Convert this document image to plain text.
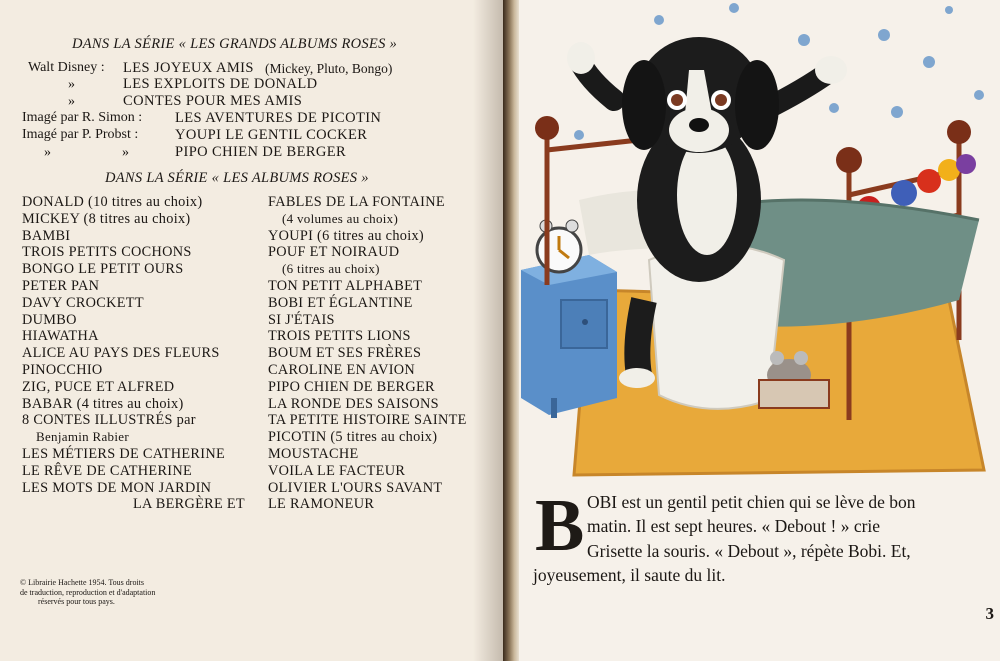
DANS LA SÉRIE « LES GRANDS ALBUMS ROSES »
Walt Disney : LES JOYEUX AMIS (Mickey, Pluto, Bongo)
»	LES EXPLOITS DE DONALD
»	CONTES POUR MES AMIS
Imagé par R. Simon : LES AVENTURES DE PICOTIN
Imagé par P. Probst :	YOUPI LE GENTIL COCKER
»	»	PIPO CHIEN DE BERGER
DANS LA SÉRIE « LES ALBUMS ROSES »
DONALD (10 titres au choix)
MICKEY (8 titres au choix)
BAMBI
TROIS PETITS COCHONS
BONGO LE PETIT OURS
PETER PAN
DAVY CROCKETT
DUMBO
HIAWATHA
ALICE AU PAYS DES FLEURS
PINOCCHIO
ZIG, PUCE ET ALFRED
BABAR (4 titres au choix)
8 CONTES ILLUSTRÉS par
Benjamin Rabier
LES MÉTIERS DE CATHERINE
LE RÊVE DE CATHERINE
LES MOTS DE MON JARDIN
FABLES DE LA FONTAINE
(4 volumes au choix)
YOUPI (6 titres au choix)
POUF ET NOIRAUD
(6 titres au choix)
TON PETIT ALPHABET
BOBI ET ÉGLANTINE
SI J'ÉTAIS
TROIS PETITS LIONS
BOUM ET SES FRÈRES
CAROLINE EN AVION
PIPO CHIEN DE BERGER
LA RONDE DES SAISONS
TA PETITE HISTOIRE SAINTE
PICOTIN (5 titres au choix)
MOUSTACHE
VOILA LE FACTEUR
OLIVIER L'OURS SAVANT
LA BERGÈRE ET LE RAMONEUR
© Librairie Hachette 1954. Tous droits
de traduction, reproduction et d'adaptation
réservés pour tous pays.
B OBI est un gentil petit chien qui se lève de bon
matin. Il est sept heures. « Debout ! » crie
Grisette la souris. « Debout », répète Bobi. Et,
joyeusement, il saute du lit.
3
